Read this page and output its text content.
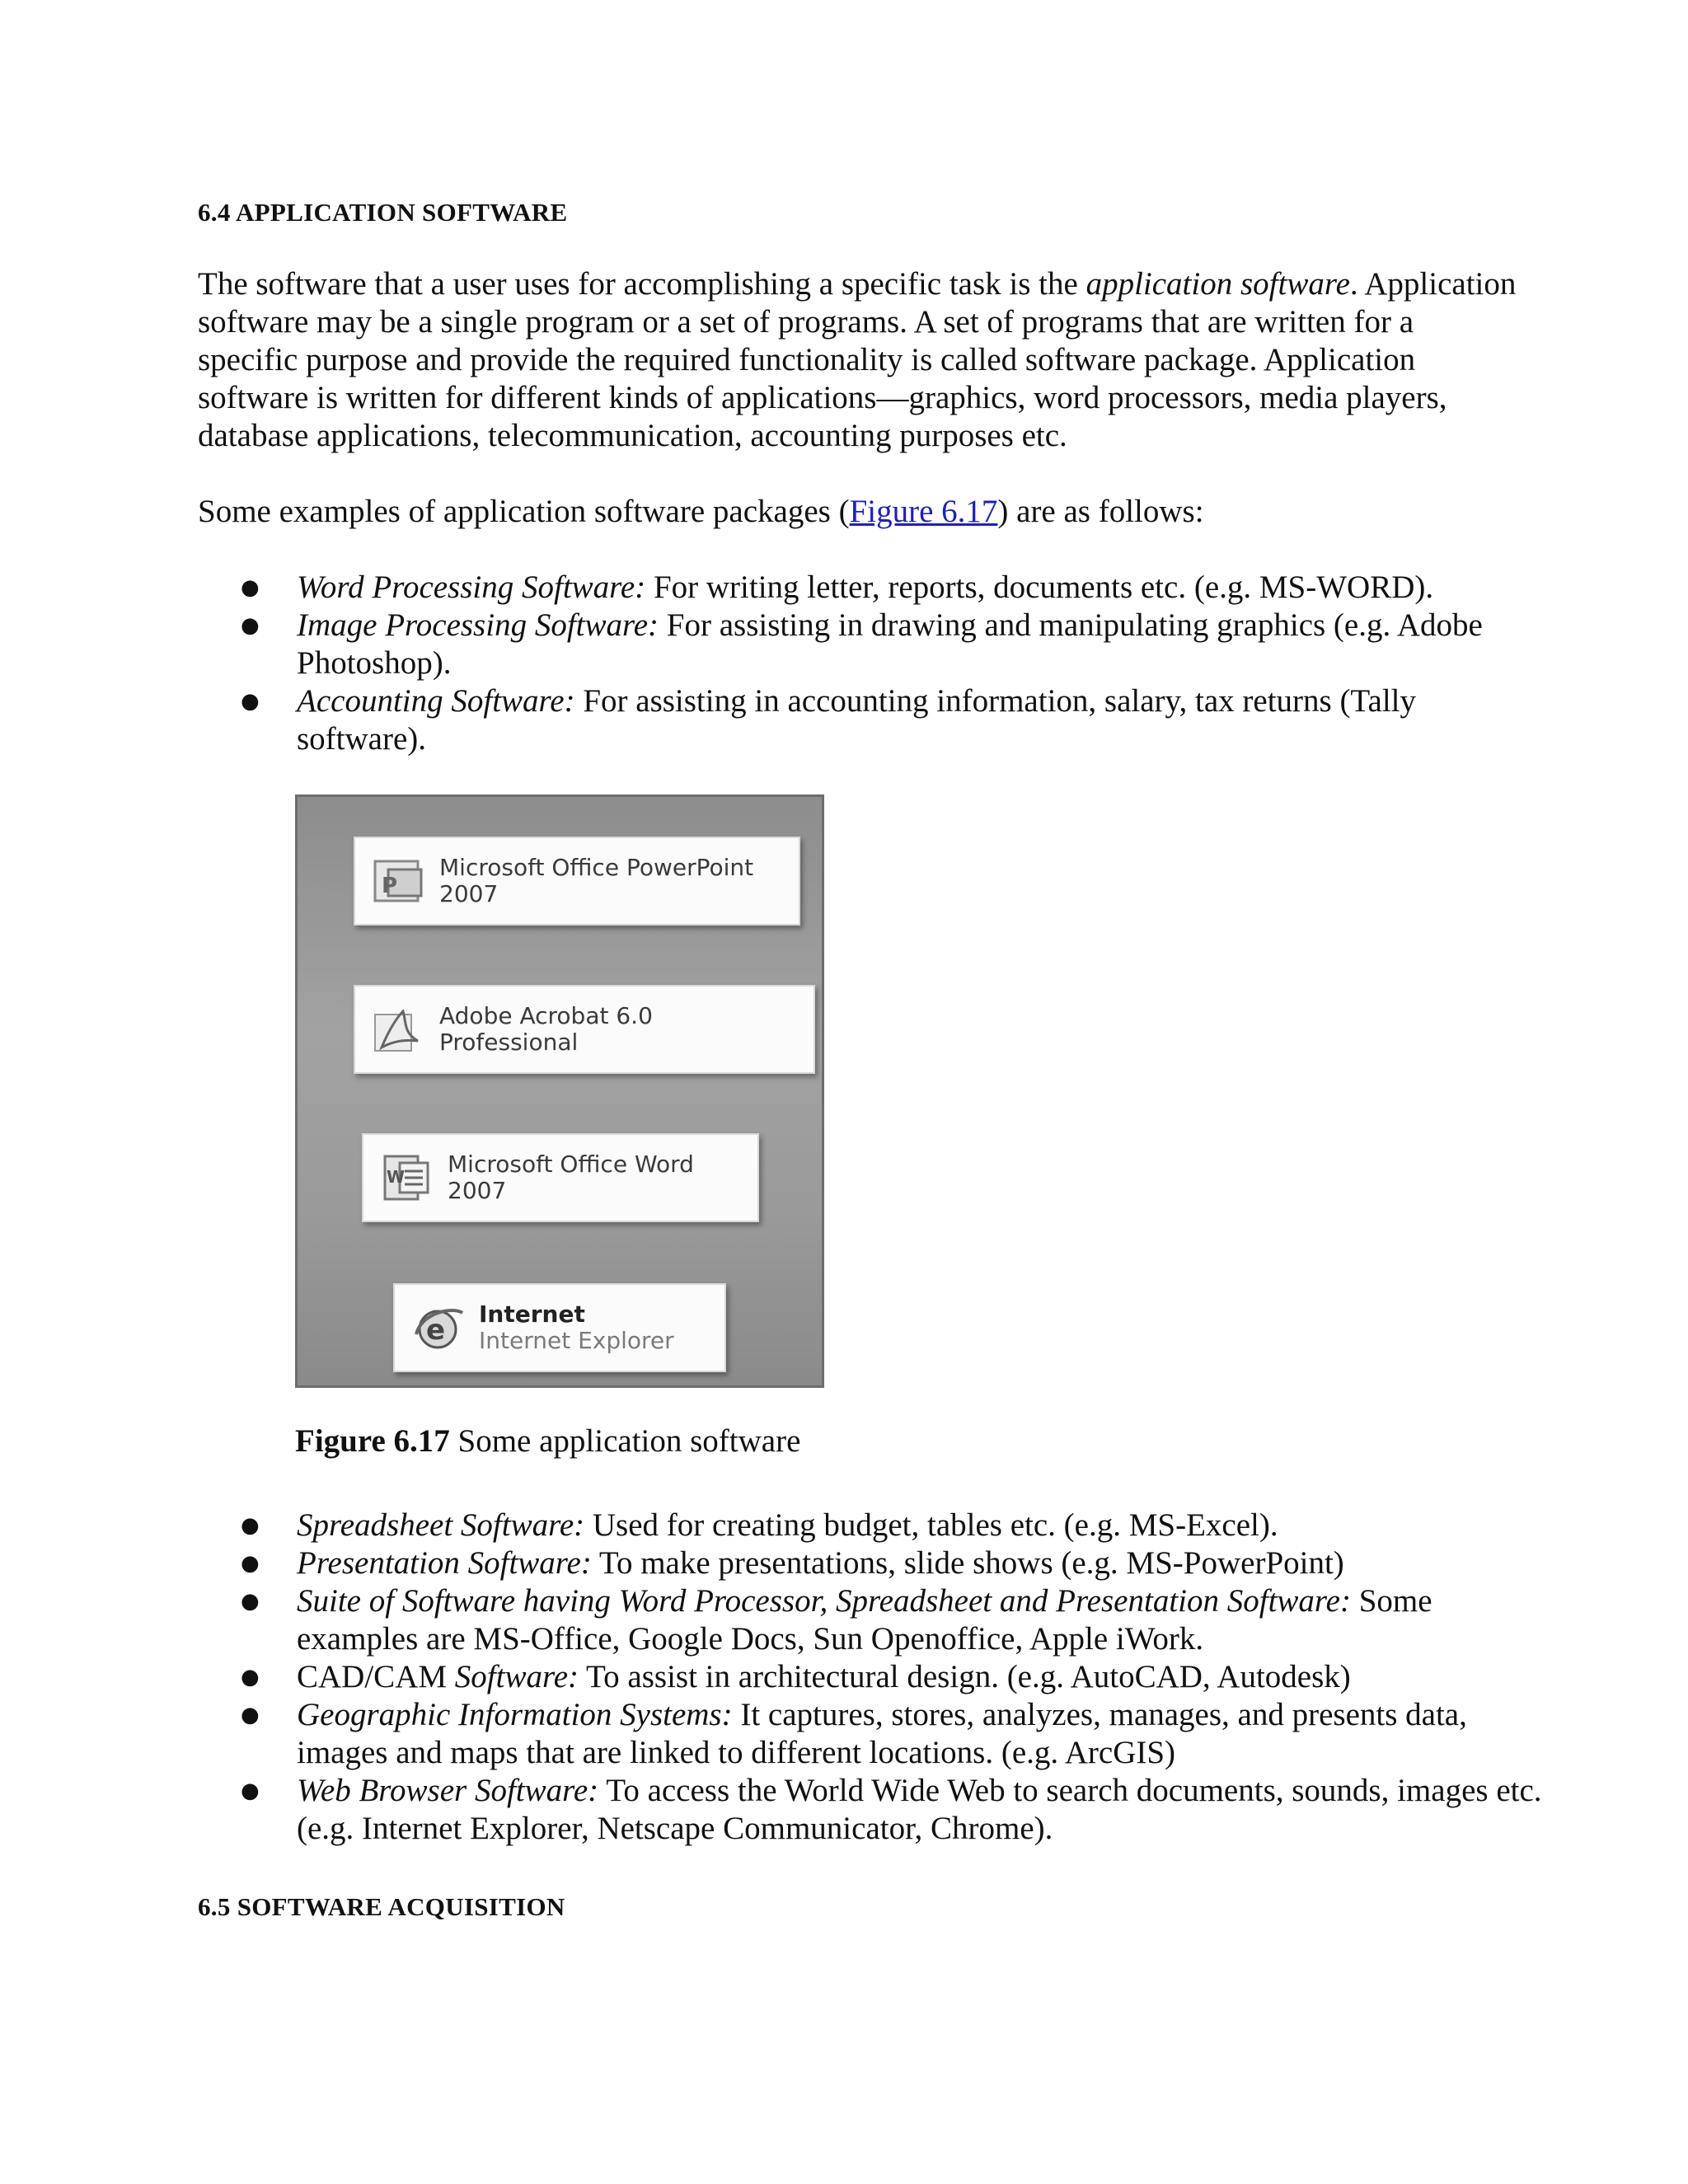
6.4 APPLICATION SOFTWARE

The software that a user uses for accomplishing a specific task is the application software. Application software may be a single program or a set of programs. A set of programs that are written for a specific purpose and provide the required functionality is called software package. Application software is written for different kinds of applications—graphics, word processors, media players, database applications, telecommunication, accounting purposes etc.

Some examples of application software packages (Figure 6.17) are as follows:

● Word Processing Software: For writing letter, reports, documents etc. (e.g. MS-WORD).
● Image Processing Software: For assisting in drawing and manipulating graphics (e.g. Adobe Photoshop).
● Accounting Software: For assisting in accounting information, salary, tax returns (Tally software).
P
Microsoft Office PowerPoint
2007
Adobe Acrobat 6.0
Professional
W Microsoft Office Word 2007
e Internet
Internet Explorer
Figure 6.17 Some application software
● Spreadsheet Software: Used for creating budget, tables etc. (e.g. MS-Excel).
● Presentation Software: To make presentations, slide shows (e.g. MS-PowerPoint)
● Suite of Software having Word Processor, Spreadsheet and Presentation Software: Some examples are MS-Office, Google Docs, Sun Openoffice, Apple iWork.
● CAD/CAM Software: To assist in architectural design. (e.g. AutoCAD, Autodesk)
● Geographic Information Systems: It captures, stores, analyzes, manages, and presents data, images and maps that are linked to different locations. (e.g. ArcGIS)
● Web Browser Software: To access the World Wide Web to search documents, sounds, images etc. (e.g. Internet Explorer, Netscape Communicator, Chrome).
6.5 SOFTWARE ACQUISITION
